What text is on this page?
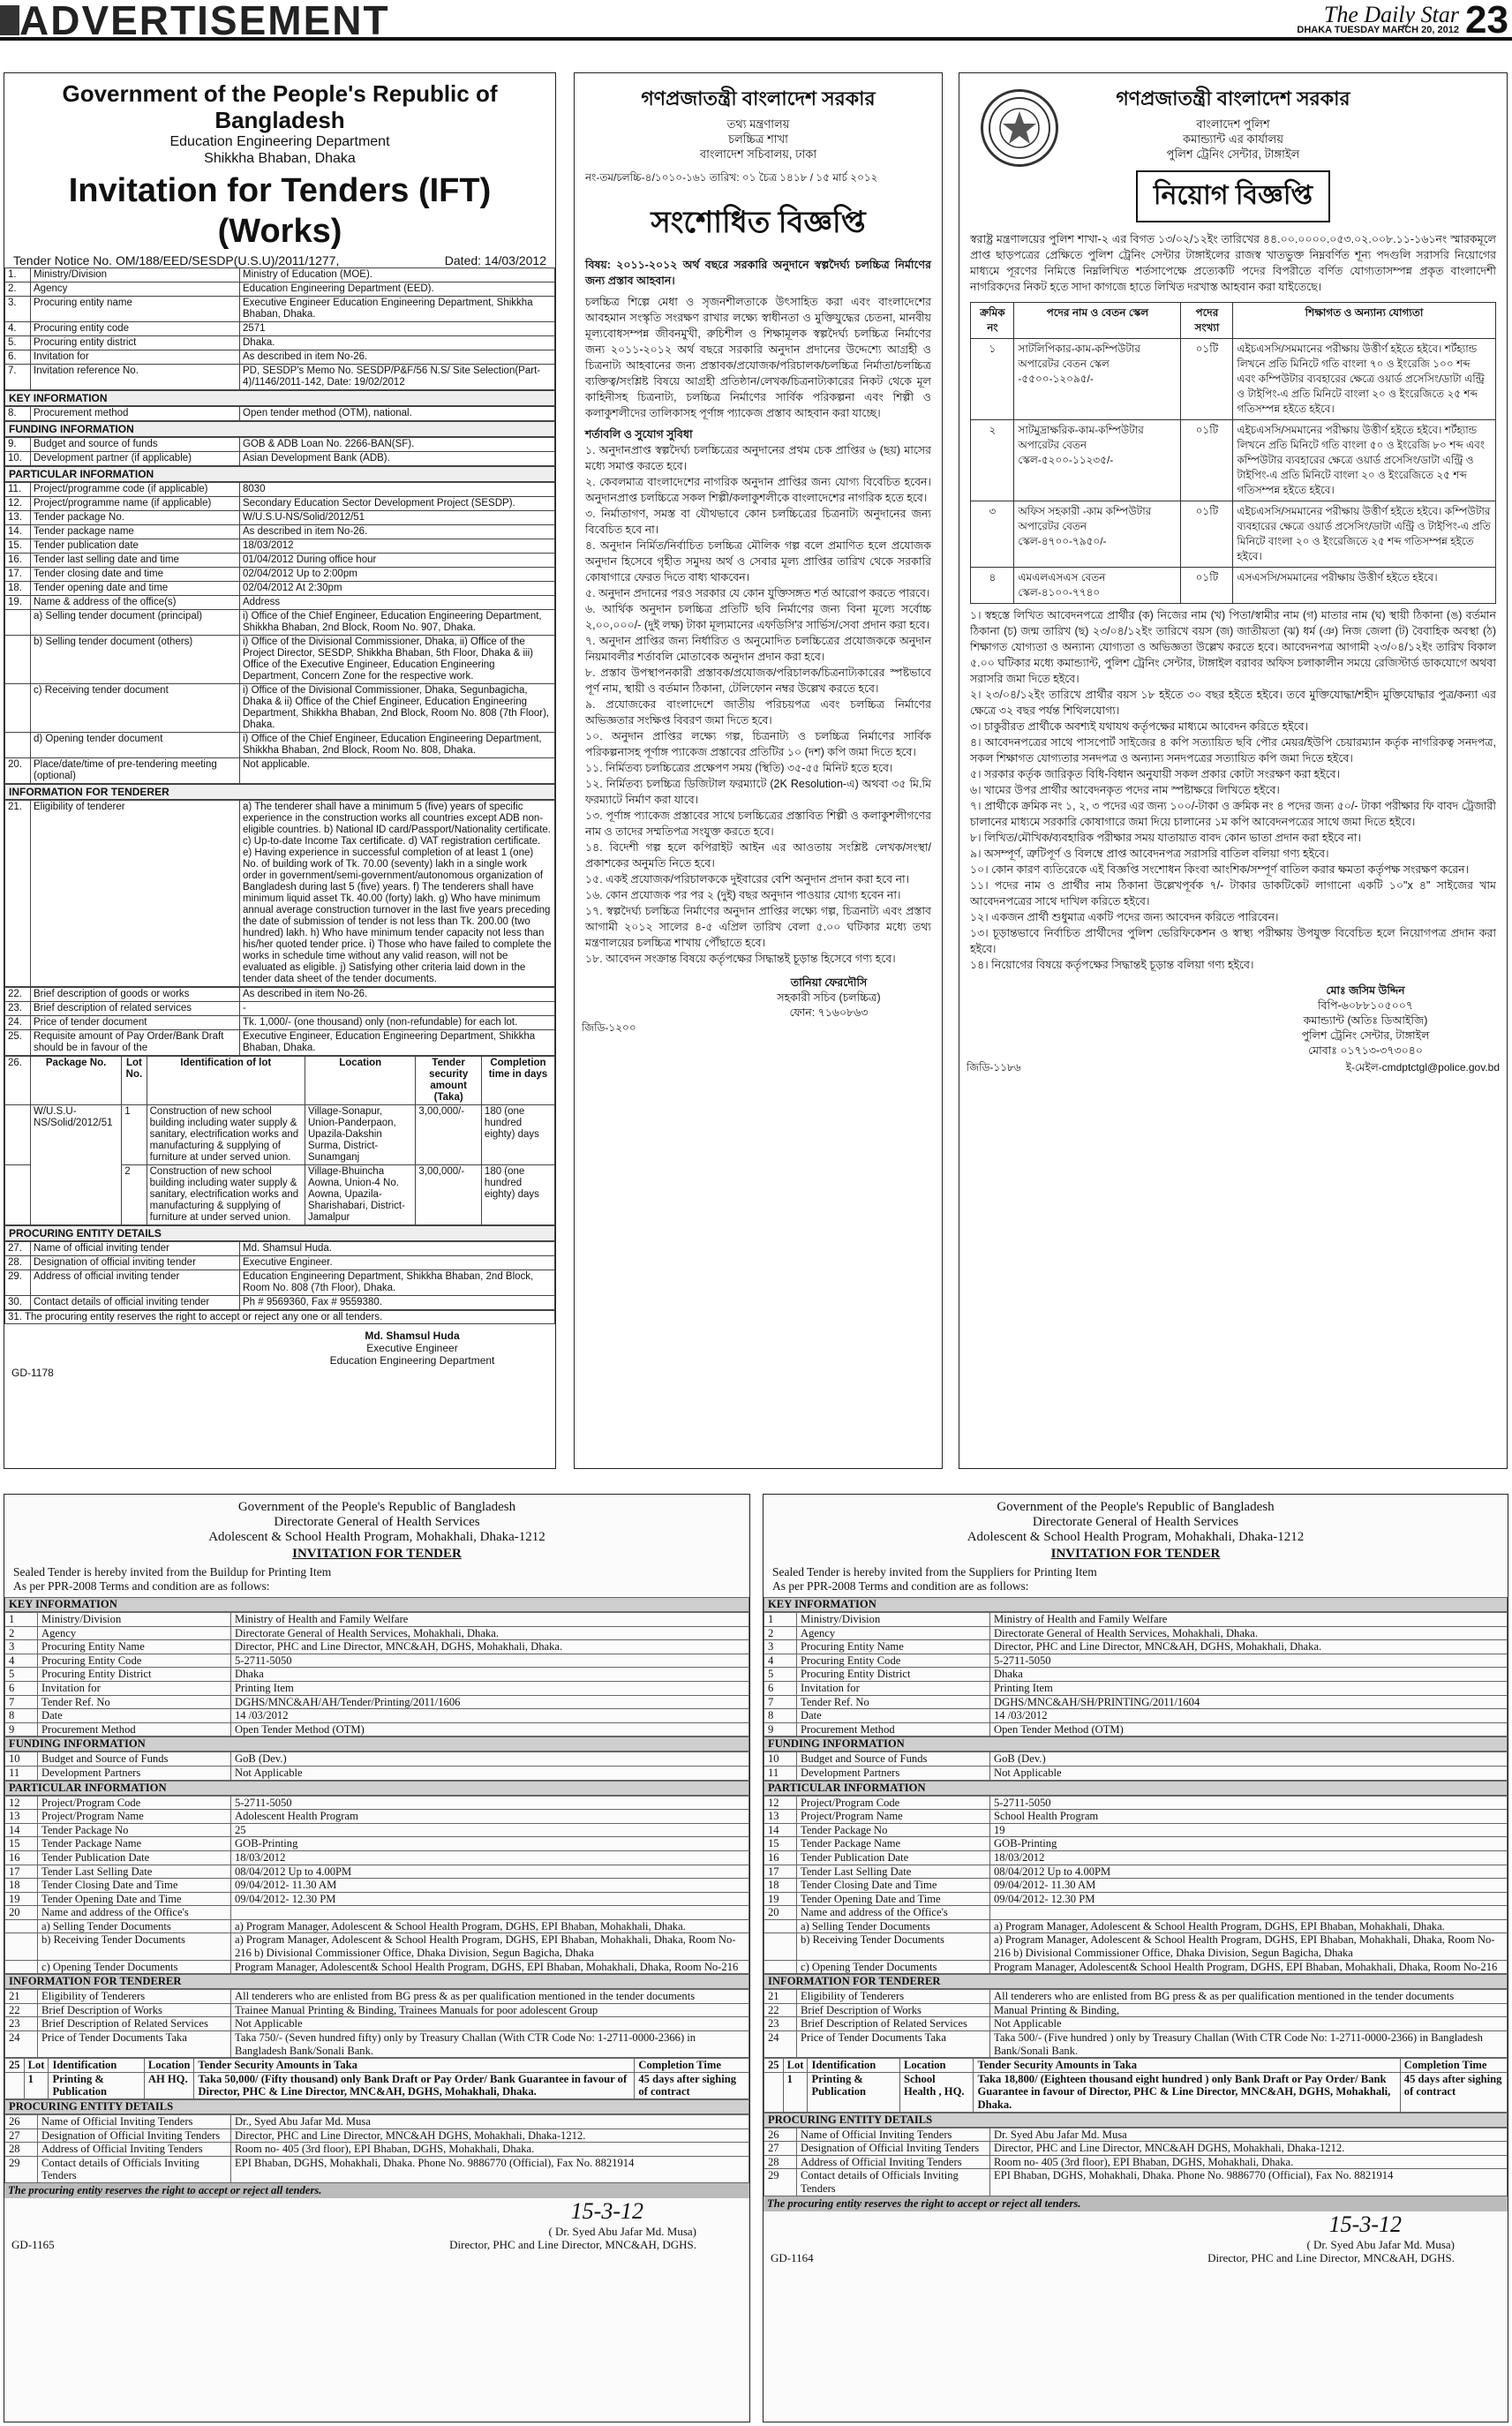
ADVERTISEMENT	The Daily Star
DHAKA TUESDAY MARCH 20, 2012 23
Government of the People's Republic of Bangladesh
Education Engineering Department
Shikkha Bhaban, Dhaka
Invitation for Tenders (IFT) (Works)
Tender Notice No. OM/188/EED/SESDP(U.S.U)/2011/1277,	Dated: 14/03/2012
1.	Ministry/Division	Ministry of Education (MOE).
2.	Agency	Education Engineering Department (EED).
3.	Procuring entity name	Executive Engineer Education Engineering Department, Shikkha Bhaban, Dhaka.
4.	Procuring entity code	2571
5.	Procuring entity district	Dhaka.
6.	Invitation for	As described in item No-26.
7.	Invitation reference No.	PD, SESDP's Memo No. SESDP/P&F/56 N.S/ Site Selection(Part-4)/1146/2011-142, Date: 19/02/2012
KEY INFORMATION
8.	Procurement method	Open tender method (OTM), national.
FUNDING INFORMATION
9.	Budget and source of funds	GOB & ADB Loan No. 2266-BAN(SF).
10.	Development partner (if applicable)	Asian Development Bank (ADB).
PARTICULAR INFORMATION
11.	Project/programme code (if applicable)	8030
12.	Project/programme name (if applicable)	Secondary Education Sector Development Project (SESDP).
13.	Tender package No.	W/U.S.U-NS/Solid/2012/51
14.	Tender package name	As described in item No-26.
15.	Tender publication date	18/03/2012
16.	Tender last selling date and time	01/04/2012 During office hour
17.	Tender closing date and time	02/04/2012 Up to 2:00pm
18.	Tender opening date and time	02/04/2012 At 2:30pm
19.	Name & address of the office(s)	Address
	a) Selling tender document (principal)	i) Office of the Chief Engineer, Education Engineering Department, Shikkha Bhaban, 2nd Block, Room No. 907, Dhaka.
	b) Selling tender document (others)	i) Office of the Divisional Commissioner, Dhaka, ii) Office of the Project Director, SESDP, Shikkha Bhaban, 5th Floor, Dhaka & iii) Office of the Executive Engineer, Education Engineering Department, Concern Zone for the respective work.
	c) Receiving tender document	i) Office of the Divisional Commissioner, Dhaka, Segunbagicha, Dhaka & ii) Office of the Chief Engineer, Education Engineering Department, Shikkha Bhaban, 2nd Block, Room No. 808 (7th Floor), Dhaka.
	d) Opening tender document	i) Office of the Chief Engineer, Education Engineering Department, Shikkha Bhaban, 2nd Block, Room No. 808, Dhaka.
20.	Place/date/time of pre-tendering meeting (optional)	Not applicable.
INFORMATION FOR TENDERER
21.	Eligibility of tenderer	a) The tenderer shall have a minimum 5 (five) years of specific experience in the construction works all countries except ADB non-eligible countries. b) National ID card/Passport/Nationality certificate. c) Up-to-date Income Tax certificate. d) VAT registration certificate. e) Having experience in successful completion of at least 1 (one) No. of building work of Tk. 70.00 (seventy) lakh in a single work order in government/semi-government/autonomous organization of Bangladesh during last 5 (five) years. f) The tenderers shall have minimum liquid asset Tk. 40.00 (forty) lakh. g) Who have minimum annual average construction turnover in the last five years preceding the date of submission of tender is not less than Tk. 200.00 (two hundred) lakh. h) Who have minimum tender capacity not less than his/her quoted tender price. i) Those who have failed to complete the works in schedule time without any valid reason, will not be evaluated as eligible. j) Satisfying other criteria laid down in the tender data sheet of the tender documents.
22.	Brief description of goods or works	As described in item No-26.
23.	Brief description of related services	-
24.	Price of tender document	Tk. 1,000/- (one thousand) only (non-refundable) for each lot.
25.	Requisite amount of Pay Order/Bank Draft should be in favour of the	Executive Engineer, Education Engineering Department, Shikkha Bhaban, Dhaka.
26.	Package No.	Lot No.	Identification of lot	Location	Tender security amount (Taka)	Completion time in days
	W/U.S.U-NS/Solid/2012/51	1	Construction of new school building including water supply & sanitary, electrification works and manufacturing & supplying of furniture at under served union.	Village-Sonapur, Union-Panderpaon, Upazila-Dakshin Surma, District-Sunamganj	3,00,000/-	180 (one hundred eighty) days
		2	Construction of new school building including water supply & sanitary, electrification works and manufacturing & supplying of furniture at under served union.	Village-Bhuincha Aowna, Union-4 No. Aowna, Upazila-Sharishabari, District-Jamalpur	3,00,000/-	180 (one hundred eighty) days
PROCURING ENTITY DETAILS
27.	Name of official inviting tender	Md. Shamsul Huda.
28.	Designation of official inviting tender	Executive Engineer.
29.	Address of official inviting tender	Education Engineering Department, Shikkha Bhaban, 2nd Block, Room No. 808 (7th Floor), Dhaka.
30.	Contact details of official inviting tender	Ph # 9569360, Fax # 9559380.
31. The procuring entity reserves the right to accept or reject any one or all tenders.
Md. Shamsul Huda
Executive Engineer
Education Engineering Department
GD-1178
গণপ্রজাতন্ত্রী বাংলাদেশ সরকার
তথ্য মন্ত্রণালয়
চলচ্চিত্র শাখা
বাংলাদেশ সচিবালয়, ঢাকা
নং-তম/চলচ্চি-৪/১০১০-১৬১ তারিখ: ০১ চৈত্র ১৪১৮ / ১৫ মার্চ ২০১২
সংশোধিত বিজ্ঞপ্তি
বিষয়: ২০১১-২০১২ অর্থ বছরে সরকারি অনুদানে স্বল্পদৈর্ঘ্য চলচ্চিত্র নির্মাণের জন্য প্রস্তাব আহবান।
চলচ্চিত্র শিল্পে মেধা ও সৃজনশীলতাকে উৎসাহিত করা এবং বাংলাদেশের আবহমান সংস্কৃতি সংরক্ষণ রাখার লক্ষ্যে স্বাধীনতা ও মুক্তিযুদ্ধের চেতনা, মানবীয় মূল্যবোধসম্পন্ন জীবনমুখী, রুচিশীল ও শিক্ষামূলক স্বল্পদৈর্ঘ্য চলচ্চিত্র নির্মাণের জন্য ২০১১-২০১২ অর্থ বছরে সরকারি অনুদান প্রদানের উদ্দেশ্যে আগ্রহী ও চিত্রনাট্য আহবানের জন্য প্রস্তাবক/প্রযোজক/পরিচালক/চলচ্চিত্র নির্মাতা/চলচ্চিত্র ব্যক্তিত্ব/সংশ্লিষ্ট বিষয়ে আগ্রহী প্রতিষ্ঠান/লেখক/চিত্রনাট্যকারের নিকট থেকে মূল কাহিনীসহ চিত্রনাট্য, চলচ্চিত্র নির্মাণের সার্বিক পরিকল্পনা এবং শিল্পী ও কলাকুশলীদের তালিকাসহ পূর্ণাঙ্গ প্যাকেজ প্রস্তাব আহবান করা যাচ্ছে।
শর্তাবলি ও সুযোগ সুবিধা
১. অনুদানপ্রাপ্ত স্বল্পদৈর্ঘ্য চলচ্চিত্রের অনুদানের প্রথম চেক প্রাপ্তির ৬ (ছয়) মাসের মধ্যে সমাপ্ত করতে হবে।
২. কেবলমাত্র বাংলাদেশের নাগরিক অনুদান প্রাপ্তির জন্য যোগ্য বিবেচিত হবেন। অনুদানপ্রাপ্ত চলচ্চিত্রে সকল শিল্পী/কলাকুশলীকে বাংলাদেশের নাগরিক হতে হবে।
৩. নির্মাতাগণ, সমস্ত বা যৌথভাবে কোন চলচ্চিত্রের চিত্রনাট্য অনুদানের জন্য বিবেচিত হবে না।
৪. অনুদান নির্মিত/নির্বাচিত চলচ্চিত্র মৌলিক গল্প বলে প্রমাণিত হলে প্রযোজক অনুদান হিসেবে গৃহীত সমুদয় অর্থ ও সেবার মূল্য প্রাপ্তির তারিখ থেকে সরকারি কোষাগারে ফেরত দিতে বাধ্য থাকবেন।
৫. অনুদান প্রদানের পরও সরকার যে কোন যুক্তিসঙ্গত শর্ত আরোপ করতে পারবে।
৬. আর্থিক অনুদান চলচ্চিত্র প্রতিটি ছবি নির্মাণের জন্য বিনা মূল্যে সর্বোচ্চ ২,০০,০০০/- (দুই লক্ষ) টাকা মূল্যমানের এফডিসি'র সার্ভিস/সেবা প্রদান করা হবে।
৭. অনুদান প্রাপ্তির জন্য নির্ধারিত ও অনুমোদিত চলচ্চিত্রের প্রযোজককে অনুদান নিয়মাবলীর শর্তাবলি মোতাবেক অনুদান প্রদান করা হবে।
৮. প্রস্তাব উপস্থাপনকারী প্রস্তাবক/প্রযোজক/পরিচালক/চিত্রনাট্যকারের স্পষ্টভাবে পূর্ণ নাম, স্থায়ী ও বর্তমান ঠিকানা, টেলিফোন নম্বর উল্লেখ করতে হবে।
৯. প্রযোজকের বাংলাদেশে জাতীয় পরিচয়পত্র এবং চলচ্চিত্র নির্মাণের অভিজ্ঞতার সংক্ষিপ্ত বিবরণ জমা দিতে হবে।
১০. অনুদান প্রাপ্তির লক্ষ্যে গল্প, চিত্রনাট্য ও চলচ্চিত্র নির্মাণের সার্বিক পরিকল্পনাসহ পূর্ণাঙ্গ প্যাকেজ প্রস্তাবের প্রতিটির ১০ (দশ) কপি জমা দিতে হবে।
১১. নির্মিতব্য চলচ্চিত্রের প্রক্ষেপণ সময় (স্থিতি) ৩৫-৫৫ মিনিট হতে হবে।
১২. নির্মিতব্য চলচ্চিত্র ডিজিটাল ফরম্যাটে (2K Resolution-এ) অথবা ৩৫ মি.মি ফরম্যাটে নির্মাণ করা যাবে।
১৩. পূর্ণাঙ্গ প্যাকেজ প্রস্তাবের সাথে চলচ্চিত্রের প্রস্তাবিত শিল্পী ও কলাকুশলীগণের নাম ও তাদের সম্মতিপত্র সংযুক্ত করতে হবে।
১৪. বিদেশী গল্প হলে কপিরাইট আইন এর আওতায় সংশ্লিষ্ট লেখক/সংস্থা/প্রকাশকের অনুমতি নিতে হবে।
১৫. একই প্রযোজক/পরিচালককে দুইবারের বেশি অনুদান প্রদান করা হবে না।
১৬. কোন প্রযোজক পর পর ২ (দুই) বছর অনুদান পাওয়ার যোগ্য হবেন না।
১৭. স্বল্পদৈর্ঘ্য চলচ্চিত্র নির্মাণের অনুদান প্রাপ্তির লক্ষ্যে গল্প, চিত্রনাট্য এবং প্রস্তাব আগামী ২০১২ সালের ৪-৫ এপ্রিল তারিখ বেলা ৫.০০ ঘটিকার মধ্যে তথ্য মন্ত্রণালয়ের চলচ্চিত্র শাখায় পৌঁছাতে হবে।
১৮. আবেদন সংক্রান্ত বিষয়ে কর্তৃপক্ষের সিদ্ধান্তই চূড়ান্ত হিসেবে গণ্য হবে।
তানিয়া ফেরদৌসি
সহকারী সচিব (চলচ্চিত্র)
ফোন: ৭১৬০৮৬৩
জিডি-১২০০
গণপ্রজাতন্ত্রী বাংলাদেশ সরকার
বাংলাদেশ পুলিশ
কমান্ড্যান্ট এর কার্যালয়
পুলিশ ট্রেনিং সেন্টার, টাঙ্গাইল
নিয়োগ বিজ্ঞপ্তি
স্বরাষ্ট্র মন্ত্রণালয়ের পুলিশ শাখা-২ এর বিগত ১৩/০২/১২ইং তারিখের ৪৪.০০.০০০০.০৫৩.০২.০০৮.১১-১৬১নং স্মারকমূলে প্রাপ্ত ছাড়পত্রের প্রেক্ষিতে পুলিশ ট্রেনিং সেন্টার টাঙ্গাইলের রাজস্ব খাতভুক্ত নিম্নবর্ণিত শূন্য পদগুলি সরাসরি নিয়োগের মাধ্যমে পূরণের নিমিত্তে নিম্নলিখিত শর্তসাপেক্ষে প্রত্যেকটি পদের বিপরীতে বর্ণিত যোগ্যতাসম্পন্ন প্রকৃত বাংলাদেশী নাগরিকদের নিকট হতে সাদা কাগজে হাতে লিখিত দরখাস্ত আহবান করা যাইতেছে।
ক্রমিক নং	পদের নাম ও বেতন স্কেল	পদের সংখ্যা	শিক্ষাগত ও অন্যান্য যোগ্যতা
১	সাটলিপিকার-কাম-কম্পিউটার অপারেটর বেতন স্কেল -৫৫০০-১২০৯৫/-	০১টি	এইচএসসি/সমমানের পরীক্ষায় উত্তীর্ণ হইতে হইবে। শর্টহ্যান্ড লিখনে প্রতি মিনিটে গতি বাংলা ৭০ ও ইংরেজি ১০০ শব্দ এবং কম্পিউটার ব্যবহারের ক্ষেত্রে ওয়ার্ড প্রসেসিং/ডাটা এন্ট্রি ও টাইপিং-এ প্রতি মিনিটে বাংলা ২০ ও ইংরেজিতে ২৫ শব্দ গতিসম্পন্ন হইতে হইবে।
২	সাটমুদ্রাক্ষরিক-কাম-কম্পিউটার অপারেটর বেতন স্কেল-৫২০০-১১২৩৫/-	০১টি	এইচএসসি/সমমানের পরীক্ষায় উত্তীর্ণ হইতে হইবে। শর্টহ্যান্ড লিখনে প্রতি মিনিটে গতি বাংলা ৫০ ও ইংরেজি ৮০ শব্দ এবং কম্পিউটার ব্যবহারের ক্ষেত্রে ওয়ার্ড প্রসেসিং/ডাটা এন্ট্রি ও টাইপিং-এ প্রতি মিনিটে বাংলা ২০ ও ইংরেজিতে ২৫ শব্দ গতিসম্পন্ন হইতে হইবে।
৩	অফিস সহকারী -কাম কম্পিউটার অপারেটর বেতন স্কেল-৪৭০০-৭৯৫০/-	০১টি	এইচএসসি/সমমানের পরীক্ষায় উত্তীর্ণ হইতে হইবে। কম্পিউটার ব্যবহারের ক্ষেত্রে ওয়ার্ড প্রসেসিং/ডাটা এন্ট্রি ও টাইপিং-এ প্রতি মিনিটে বাংলা ২০ ও ইংরেজিতে ২৫ শব্দ গতিসম্পন্ন হইতে হইবে।
৪	এমএলএসএস বেতন স্কেল-৪১০০-৭৭৪০	০১টি	এসএসসি/সমমানের পরীক্ষায় উত্তীর্ণ হইতে হইবে।
১। স্বহস্তে লিখিত আবেদনপত্রে প্রার্থীর (ক) নিজের নাম (খ) পিতা/স্বামীর নাম (গ) মাতার নাম (ঘ) স্থায়ী ঠিকানা (ঙ) বর্তমান ঠিকানা (চ) জন্ম তারিখ (ছ) ২৩/০৪/১২ইং তারিখে বয়স (জ) জাতীয়তা (ঝ) ধর্ম (ঞ) নিজ জেলা (ট) বৈবাহিক অবস্থা (ঠ) শিক্ষাগত যোগ্যতা ও অন্যান্য যোগ্যতা ও অভিজ্ঞতা উল্লেখ করতে হবে। আবেদনপত্র আগামী ২৩/০৪/১২ইং তারিখ বিকাল ৫.০০ ঘটিকার মধ্যে কমান্ড্যান্ট, পুলিশ ট্রেনিং সেন্টার, টাঙ্গাইল বরাবর অফিস চলাকালীন সময়ে রেজিস্টার্ড ডাকযোগে অথবা সরাসরি জমা দিতে হইবে।
২। ২৩/০৪/১২ইং তারিখে প্রার্থীর বয়স ১৮ হইতে ৩০ বছর হইতে হইবে। তবে মুক্তিযোদ্ধা/শহীদ মুক্তিযোদ্ধার পুত্র/কন্যা এর ক্ষেত্রে ৩২ বছর পর্যন্ত শিথিলযোগ্য।
৩। চাকুরীরত প্রার্থীকে অবশ্যই যথাযথ কর্তৃপক্ষের মাধ্যমে আবেদন করিতে হইবে।
৪। আবেদনপত্রের সাথে পাসপোর্ট সাইজের ৪ কপি সত্যায়িত ছবি পৌর মেয়র/ইউপি চেয়ারম্যান কর্তৃক নাগরিকত্ব সনদপত্র, সকল শিক্ষাগত যোগ্যতার সনদপত্র ও অন্যান্য সনদপত্রের সত্যায়িত কপি জমা দিতে হইবে।
৫। সরকার কর্তৃক জারিকৃত বিধি-বিধান অনুযায়ী সকল প্রকার কোটা সংরক্ষণ করা হইবে।
৬। খামের উপর প্রার্থীর আবেদনকৃত পদের নাম স্পষ্টাক্ষরে লিখিতে হইবে।
৭। প্রার্থীকে ক্রমিক নং ১, ২, ৩ পদের এর জন্য ১০০/-টাকা ও ক্রমিক নং ৪ পদের জন্য ৫০/- টাকা পরীক্ষার ফি বাবদ ট্রেজারী চালানের মাধ্যমে সরকারি কোষাগারে জমা দিয়ে চালানের ১ম কপি আবেদনপত্রের সাথে জমা দিতে হইবে।
৮। লিখিত/মৌখিক/ব্যবহারিক পরীক্ষার সময় যাতায়াত বাবদ কোন ভাতা প্রদান করা হইবে না।
৯। অসম্পূর্ণ, ত্রুটিপূর্ণ ও বিলম্বে প্রাপ্ত আবেদনপত্র সরাসরি বাতিল বলিয়া গণ্য হইবে।
১০। কোন কারণ ব্যতিরেকে এই বিজ্ঞপ্তি সংশোধন কিংবা আংশিক/সম্পূর্ণ বাতিল করার ক্ষমতা কর্তৃপক্ষ সংরক্ষণ করেন।
১১। পদের নাম ও প্রার্থীর নাম ঠিকানা উল্লেখপূর্বক ৭/- টাকার ডাকটিকেট লাগানো একটি ১০"x ৪" সাইজের খাম আবেদনপত্রের সাথে দাখিল করিতে হইবে।
১২। একজন প্রার্থী শুধুমাত্র একটি পদের জন্য আবেদন করিতে পারিবেন।
১৩। চূড়ান্তভাবে নির্বাচিত প্রার্থীদের পুলিশ ভেরিফিকেশন ও স্বাস্থ্য পরীক্ষায় উপযুক্ত বিবেচিত হলে নিয়োগপত্র প্রদান করা হইবে।
১৪। নিয়োগের বিষয়ে কর্তৃপক্ষের সিদ্ধান্তই চূড়ান্ত বলিয়া গণ্য হইবে।
মোঃ জসিম উদ্দিন
বিপি-৬০৮৮১০৫০০৭
কমান্ড্যান্ট (অতিঃ ডিআইজি)
পুলিশ ট্রেনিং সেন্টার, টাঙ্গাইল
মোবাঃ ০১৭১৩-৩৭৩০৪০
জিডি-১১৮৬	ই-মেইল-cmdptctgl@police.gov.bd
Government of the People's Republic of Bangladesh
Directorate General of Health Services
Adolescent & School Health Program, Mohakhali, Dhaka-1212
INVITATION FOR TENDER
Sealed Tender is hereby invited from the Buildup for Printing Item
As per PPR-2008 Terms and condition are as follows:
KEY INFORMATION
1	Ministry/Division	Ministry of Health and Family Welfare
2	Agency	Directorate General of Health Services, Mohakhali, Dhaka.
3	Procuring Entity Name	Director, PHC and Line Director, MNC&AH, DGHS, Mohakhali, Dhaka.
4	Procuring Entity Code	5-2711-5050
5	Procuring Entity District	Dhaka
6	Invitation for	Printing Item
7	Tender Ref. No	DGHS/MNC&AH/AH/Tender/Printing/2011/1606
8	Date	14 /03/2012
9	Procurement Method	Open Tender Method (OTM)
FUNDING INFORMATION
10	Budget and Source of Funds	GoB (Dev.)
11	Development Partners	Not Applicable
PARTICULAR INFORMATION
12	Project/Program Code	5-2711-5050
13	Project/Program Name	Adolescent Health Program
14	Tender Package No	25
15	Tender Package Name	GOB-Printing
16	Tender Publication Date	18/03/2012
17	Tender Last Selling Date	08/04/2012 Up to 4.00PM
18	Tender Closing Date and Time	09/04/2012- 11.30 AM
19	Tender Opening Date and Time	09/04/2012- 12.30 PM
20	Name and address of the Office's	
	a) Selling Tender Documents	a) Program Manager, Adolescent & School Health Program, DGHS, EPI Bhaban, Mohakhali, Dhaka.
	b) Receiving Tender Documents	a) Program Manager, Adolescent & School Health Program, DGHS, EPI Bhaban, Mohakhali, Dhaka, Room No-216 b) Divisional Commissioner Office, Dhaka Division, Segun Bagicha, Dhaka
	c) Opening Tender Documents	Program Manager, Adolescent& School Health Program, DGHS, EPI Bhaban, Mohakhali, Dhaka, Room No-216
INFORMATION FOR TENDERER
21	Eligibility of Tenderers	All tenderers who are enlisted from BG press & as per qualification mentioned in the tender documents
22	Brief Description of Works	Trainee Manual Printing & Binding, Trainees Manuals for poor adolescent Group
23	Brief Description of Related Services	Not Applicable
24	Price of Tender Documents Taka	Taka 750/- (Seven hundred fifty) only by Treasury Challan (With CTR Code No: 1-2711-0000-2366) in Bangladesh Bank/Sonali Bank.
25	Lot	Identification	Location	Tender Security Amounts in Taka	Completion Time
	1	Printing & Publication	AH HQ.	Taka 50,000/ (Fifty thousand) only Bank Draft or Pay Order/ Bank Guarantee in favour of Director, PHC & Line Director, MNC&AH, DGHS, Mohakhali, Dhaka.	45 days after sighing of contract
PROCURING ENTITY DETAILS
26	Name of Official Inviting Tenders	Dr., Syed Abu Jafar Md. Musa
27	Designation of Official Inviting Tenders	Director, PHC and Line Director, MNC&AH DGHS, Mohakhali, Dhaka-1212.
28	Address of Official Inviting Tenders	Room no- 405 (3rd floor), EPI Bhaban, DGHS, Mohakhali, Dhaka.
29	Contact details of Officials Inviting Tenders	EPI Bhaban, DGHS, Mohakhali, Dhaka. Phone No. 9886770 (Official), Fax No. 8821914
The procuring entity reserves the right to accept or reject all tenders.
15-3-12
( Dr. Syed Abu Jafar Md. Musa)
GD-1165	Director, PHC and Line Director, MNC&AH, DGHS.
Government of the People's Republic of Bangladesh
Directorate General of Health Services
Adolescent & School Health Program, Mohakhali, Dhaka-1212
INVITATION FOR TENDER
Sealed Tender is hereby invited from the Suppliers for Printing Item
As per PPR-2008 Terms and condition are as follows:
KEY INFORMATION
1	Ministry/Division	Ministry of Health and Family Welfare
2	Agency	Directorate General of Health Services, Mohakhali, Dhaka.
3	Procuring Entity Name	Director, PHC and Line Director, MNC&AH, DGHS, Mohakhali, Dhaka.
4	Procuring Entity Code	5-2711-5050
5	Procuring Entity District	Dhaka
6	Invitation for	Printing Item
7	Tender Ref. No	DGHS/MNC&AH/SH/PRINTING/2011/1604
8	Date	14 /03/2012
9	Procurement Method	Open Tender Method (OTM)
FUNDING INFORMATION
10	Budget and Source of Funds	GoB (Dev.)
11	Development Partners	Not Applicable
PARTICULAR INFORMATION
12	Project/Program Code	5-2711-5050
13	Project/Program Name	School Health Program
14	Tender Package No	19
15	Tender Package Name	GOB-Printing
16	Tender Publication Date	18/03/2012
17	Tender Last Selling Date	08/04/2012 Up to 4.00PM
18	Tender Closing Date and Time	09/04/2012- 11.30 AM
19	Tender Opening Date and Time	09/04/2012- 12.30 PM
20	Name and address of the Office's	
	a) Selling Tender Documents	a) Program Manager, Adolescent & School Health Program, DGHS, EPI Bhaban, Mohakhali, Dhaka.
	b) Receiving Tender Documents	a) Program Manager, Adolescent & School Health Program, DGHS, EPI Bhaban, Mohakhali, Dhaka, Room No-216 b) Divisional Commissioner Office, Dhaka Division, Segun Bagicha, Dhaka
	c) Opening Tender Documents	Program Manager, Adolescent& School Health Program, DGHS, EPI Bhaban, Mohakhali, Dhaka, Room No-216
INFORMATION FOR TENDERER
21	Eligibility of Tenderers	All tenderers who are enlisted from BG press & as per qualification mentioned in the tender documents
22	Brief Description of Works	Manual Printing & Binding,
23	Brief Description of Related Services	Not Applicable
24	Price of Tender Documents Taka	Taka 500/- (Five hundred ) only by Treasury Challan (With CTR Code No: 1-2711-0000-2366) in Bangladesh Bank/Sonali Bank.
25	Lot	Identification	Location	Tender Security Amounts in Taka	Completion Time
	1	Printing & Publication	School Health , HQ.	Taka 18,800/ (Eighteen thousand eight hundred ) only Bank Draft or Pay Order/ Bank Guarantee in favour of Director, PHC & Line Director, MNC&AH, DGHS, Mohakhali, Dhaka.	45 days after sighing of contract
PROCURING ENTITY DETAILS
26	Name of Official Inviting Tenders	Dr. Syed Abu Jafar Md. Musa
27	Designation of Official Inviting Tenders	Director, PHC and Line Director, MNC&AH DGHS, Mohakhali, Dhaka-1212.
28	Address of Official Inviting Tenders	Room no- 405 (3rd floor), EPI Bhaban, DGHS, Mohakhali, Dhaka.
29	Contact details of Officials Inviting Tenders	EPI Bhaban, DGHS, Mohakhali, Dhaka. Phone No. 9886770 (Official), Fax No. 8821914
The procuring entity reserves the right to accept or reject all tenders.
15-3-12
( Dr. Syed Abu Jafar Md. Musa)
GD-1164	Director, PHC and Line Director, MNC&AH, DGHS.
